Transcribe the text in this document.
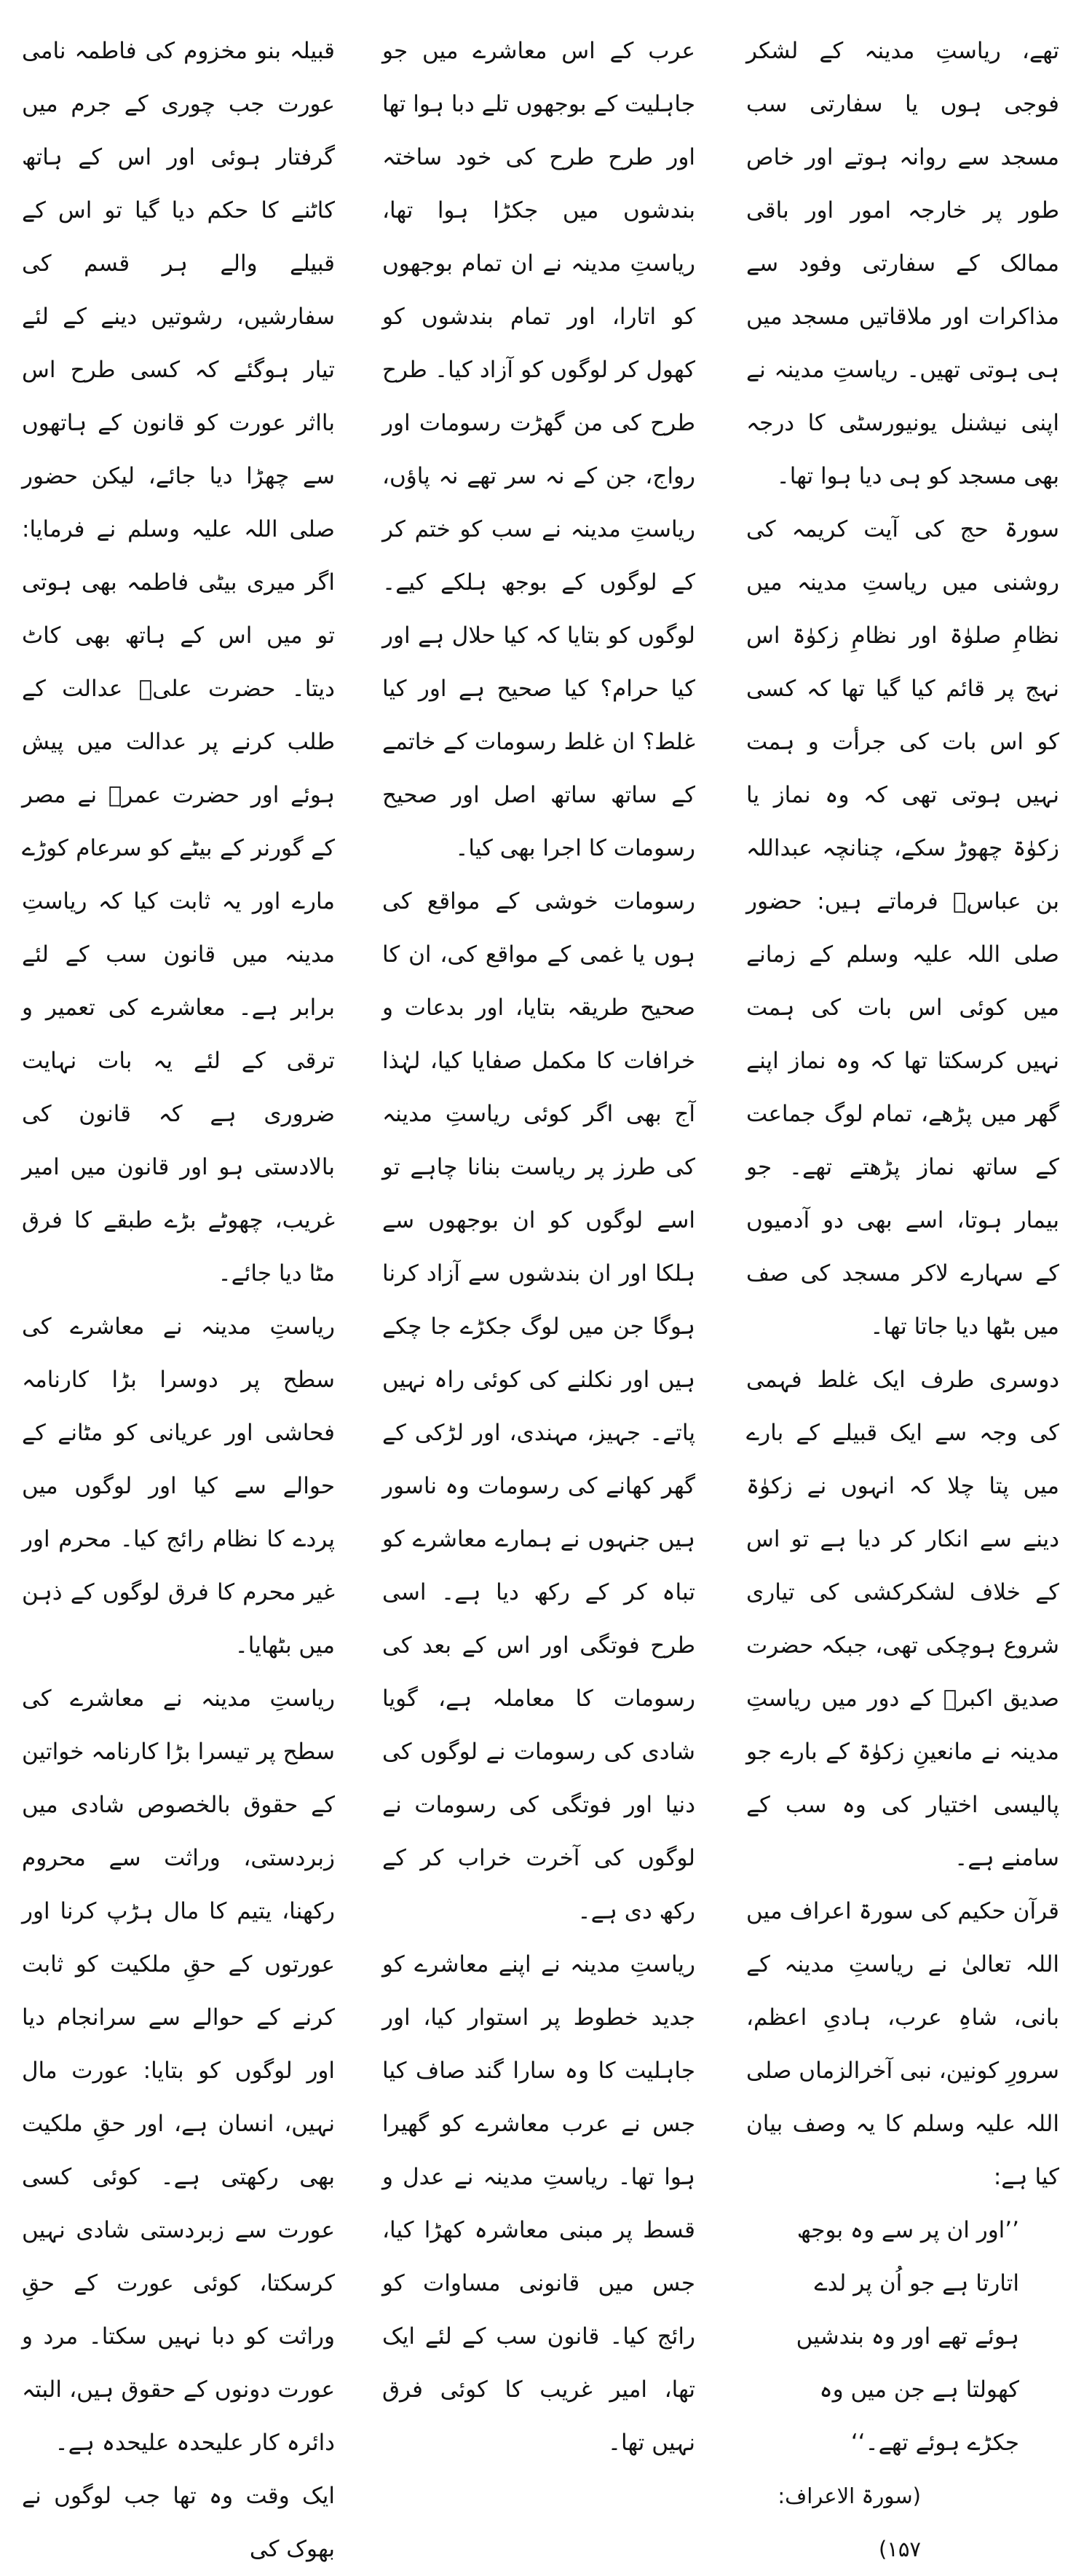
تھے، ریاستِ مدینہ کے لشکر فوجی ہوں یا سفارتی سب مسجد سے روانہ ہوتے اور خاص طور پر خارجہ امور اور باقی ممالک کے سفارتی وفود سے مذاکرات اور ملاقاتیں مسجد میں ہی ہوتی تھیں۔ ریاستِ مدینہ نے اپنی نیشنل یونیورسٹی کا درجہ بھی مسجد کو ہی دیا ہوا تھا۔

سورۃ حج کی آیت کریمہ کی روشنی میں ریاستِ مدینہ میں نظامِ صلوٰۃ اور نظامِ زکوٰۃ اس نہج پر قائم کیا گیا تھا کہ کسی کو اس بات کی جرأت و ہمت نہیں ہوتی تھی کہ وہ نماز یا زکوٰۃ چھوڑ سکے، چنانچہ عبداللہ بن عباسؓ فرماتے ہیں: حضور صلی اللہ علیہ وسلم کے زمانے میں کوئی اس بات کی ہمت نہیں کرسکتا تھا کہ وہ نماز اپنے گھر میں پڑھے، تمام لوگ جماعت کے ساتھ نماز پڑھتے تھے۔ جو بیمار ہوتا، اسے بھی دو آدمیوں کے سہارے لاکر مسجد کی صف میں بٹھا دیا جاتا تھا۔

دوسری طرف ایک غلط فہمی کی وجہ سے ایک قبیلے کے بارے میں پتا چلا کہ انہوں نے زکوٰۃ دینے سے انکار کر دیا ہے تو اس کے خلاف لشکرکشی کی تیاری شروع ہوچکی تھی، جبکہ حضرت صدیق اکبرؓ کے دور میں ریاستِ مدینہ نے مانعینِ زکوٰۃ کے بارے جو پالیسی اختیار کی وہ سب کے سامنے ہے۔

قرآن حکیم کی سورۃ اعراف میں اللہ تعالیٰ نے ریاستِ مدینہ کے بانی، شاہِ عرب، ہادیِ اعظم، سرورِ کونین، نبی آخرالزماں صلی اللہ علیہ وسلم کا یہ وصف بیان کیا ہے:

’’اور ان پر سے وہ بوجھ اتارتا ہے جو اُن پر لدے ہوئے تھے اور وہ بندشیں کھولتا ہے جن میں وہ جکڑے ہوئے تھے۔‘‘

(سورۃ الاعراف: ۱۵۷)

عرب کے اس معاشرے میں جو جاہلیت کے بوجھوں تلے دبا ہوا تھا اور طرح طرح کی خود ساختہ بندشوں میں جکڑا ہوا تھا، ریاستِ مدینہ نے ان تمام بوجھوں کو اتارا، اور تمام بندشوں کو کھول کر لوگوں کو آزاد کیا۔ طرح طرح کی من گھڑت رسومات اور رواج، جن کے نہ سر تھے نہ پاؤں، ریاستِ مدینہ نے سب کو ختم کر کے لوگوں کے بوجھ ہلکے کیے۔ لوگوں کو بتایا کہ کیا حلال ہے اور کیا حرام؟ کیا صحیح ہے اور کیا غلط؟ ان غلط رسومات کے خاتمے کے ساتھ ساتھ اصل اور صحیح رسومات کا اجرا بھی کیا۔

رسومات خوشی کے مواقع کی ہوں یا غمی کے مواقع کی، ان کا صحیح طریقہ بتایا، اور بدعات و خرافات کا مکمل صفایا کیا، لہٰذا آج بھی اگر کوئی ریاستِ مدینہ کی طرز پر ریاست بنانا چاہے تو اسے لوگوں کو ان بوجھوں سے ہلکا اور ان بندشوں سے آزاد کرنا ہوگا جن میں لوگ جکڑے جا چکے ہیں اور نکلنے کی کوئی راہ نہیں پاتے۔ جہیز، مہندی، اور لڑکی کے گھر کھانے کی رسومات وہ ناسور ہیں جنہوں نے ہمارے معاشرے کو تباہ کر کے رکھ دیا ہے۔ اسی طرح فوتگی اور اس کے بعد کی رسومات کا معاملہ ہے، گویا شادی کی رسومات نے لوگوں کی دنیا اور فوتگی کی رسومات نے لوگوں کی آخرت خراب کر کے رکھ دی ہے۔

ریاستِ مدینہ نے اپنے معاشرے کو جدید خطوط پر استوار کیا، اور جاہلیت کا وہ سارا گند صاف کیا جس نے عرب معاشرے کو گھیرا ہوا تھا۔ ریاستِ مدینہ نے عدل و قسط پر مبنی معاشرہ کھڑا کیا، جس میں قانونی مساوات کو رائج کیا۔ قانون سب کے لئے ایک تھا، امیر غریب کا کوئی فرق نہیں تھا۔

قبیلہ بنو مخزوم کی فاطمہ نامی عورت جب چوری کے جرم میں گرفتار ہوئی اور اس کے ہاتھ کاٹنے کا حکم دیا گیا تو اس کے قبیلے والے ہر قسم کی سفارشیں، رشوتیں دینے کے لئے تیار ہوگئے کہ کسی طرح اس بااثر عورت کو قانون کے ہاتھوں سے چھڑا دیا جائے، لیکن حضور صلی اللہ علیہ وسلم نے فرمایا: اگر میری بیٹی فاطمہ بھی ہوتی تو میں اس کے ہاتھ بھی کاٹ دیتا۔ حضرت علیؓ عدالت کے طلب کرنے پر عدالت میں پیش ہوئے اور حضرت عمرؓ نے مصر کے گورنر کے بیٹے کو سرعام کوڑے مارے اور یہ ثابت کیا کہ ریاستِ مدینہ میں قانون سب کے لئے برابر ہے۔ معاشرے کی تعمیر و ترقی کے لئے یہ بات نہایت ضروری ہے کہ قانون کی بالادستی ہو اور قانون میں امیر غریب، چھوٹے بڑے طبقے کا فرق مٹا دیا جائے۔

ریاستِ مدینہ نے معاشرے کی سطح پر دوسرا بڑا کارنامہ فحاشی اور عریانی کو مٹانے کے حوالے سے کیا اور لوگوں میں پردے کا نظام رائج کیا۔ محرم اور غیر محرم کا فرق لوگوں کے ذہن میں بٹھایا۔

ریاستِ مدینہ نے معاشرے کی سطح پر تیسرا بڑا کارنامہ خواتین کے حقوق بالخصوص شادی میں زبردستی، وراثت سے محروم رکھنا، یتیم کا مال ہڑپ کرنا اور عورتوں کے حقِ ملکیت کو ثابت کرنے کے حوالے سے سرانجام دیا اور لوگوں کو بتایا: عورت مال نہیں، انسان ہے، اور حقِ ملکیت بھی رکھتی ہے۔ کوئی کسی عورت سے زبردستی شادی نہیں کرسکتا، کوئی عورت کے حقِ وراثت کو دبا نہیں سکتا۔ مرد و عورت دونوں کے حقوق ہیں، البتہ دائرہ کار علیحدہ علیحدہ ہے۔

ایک وقت وہ تھا جب لوگوں نے بھوک کی
